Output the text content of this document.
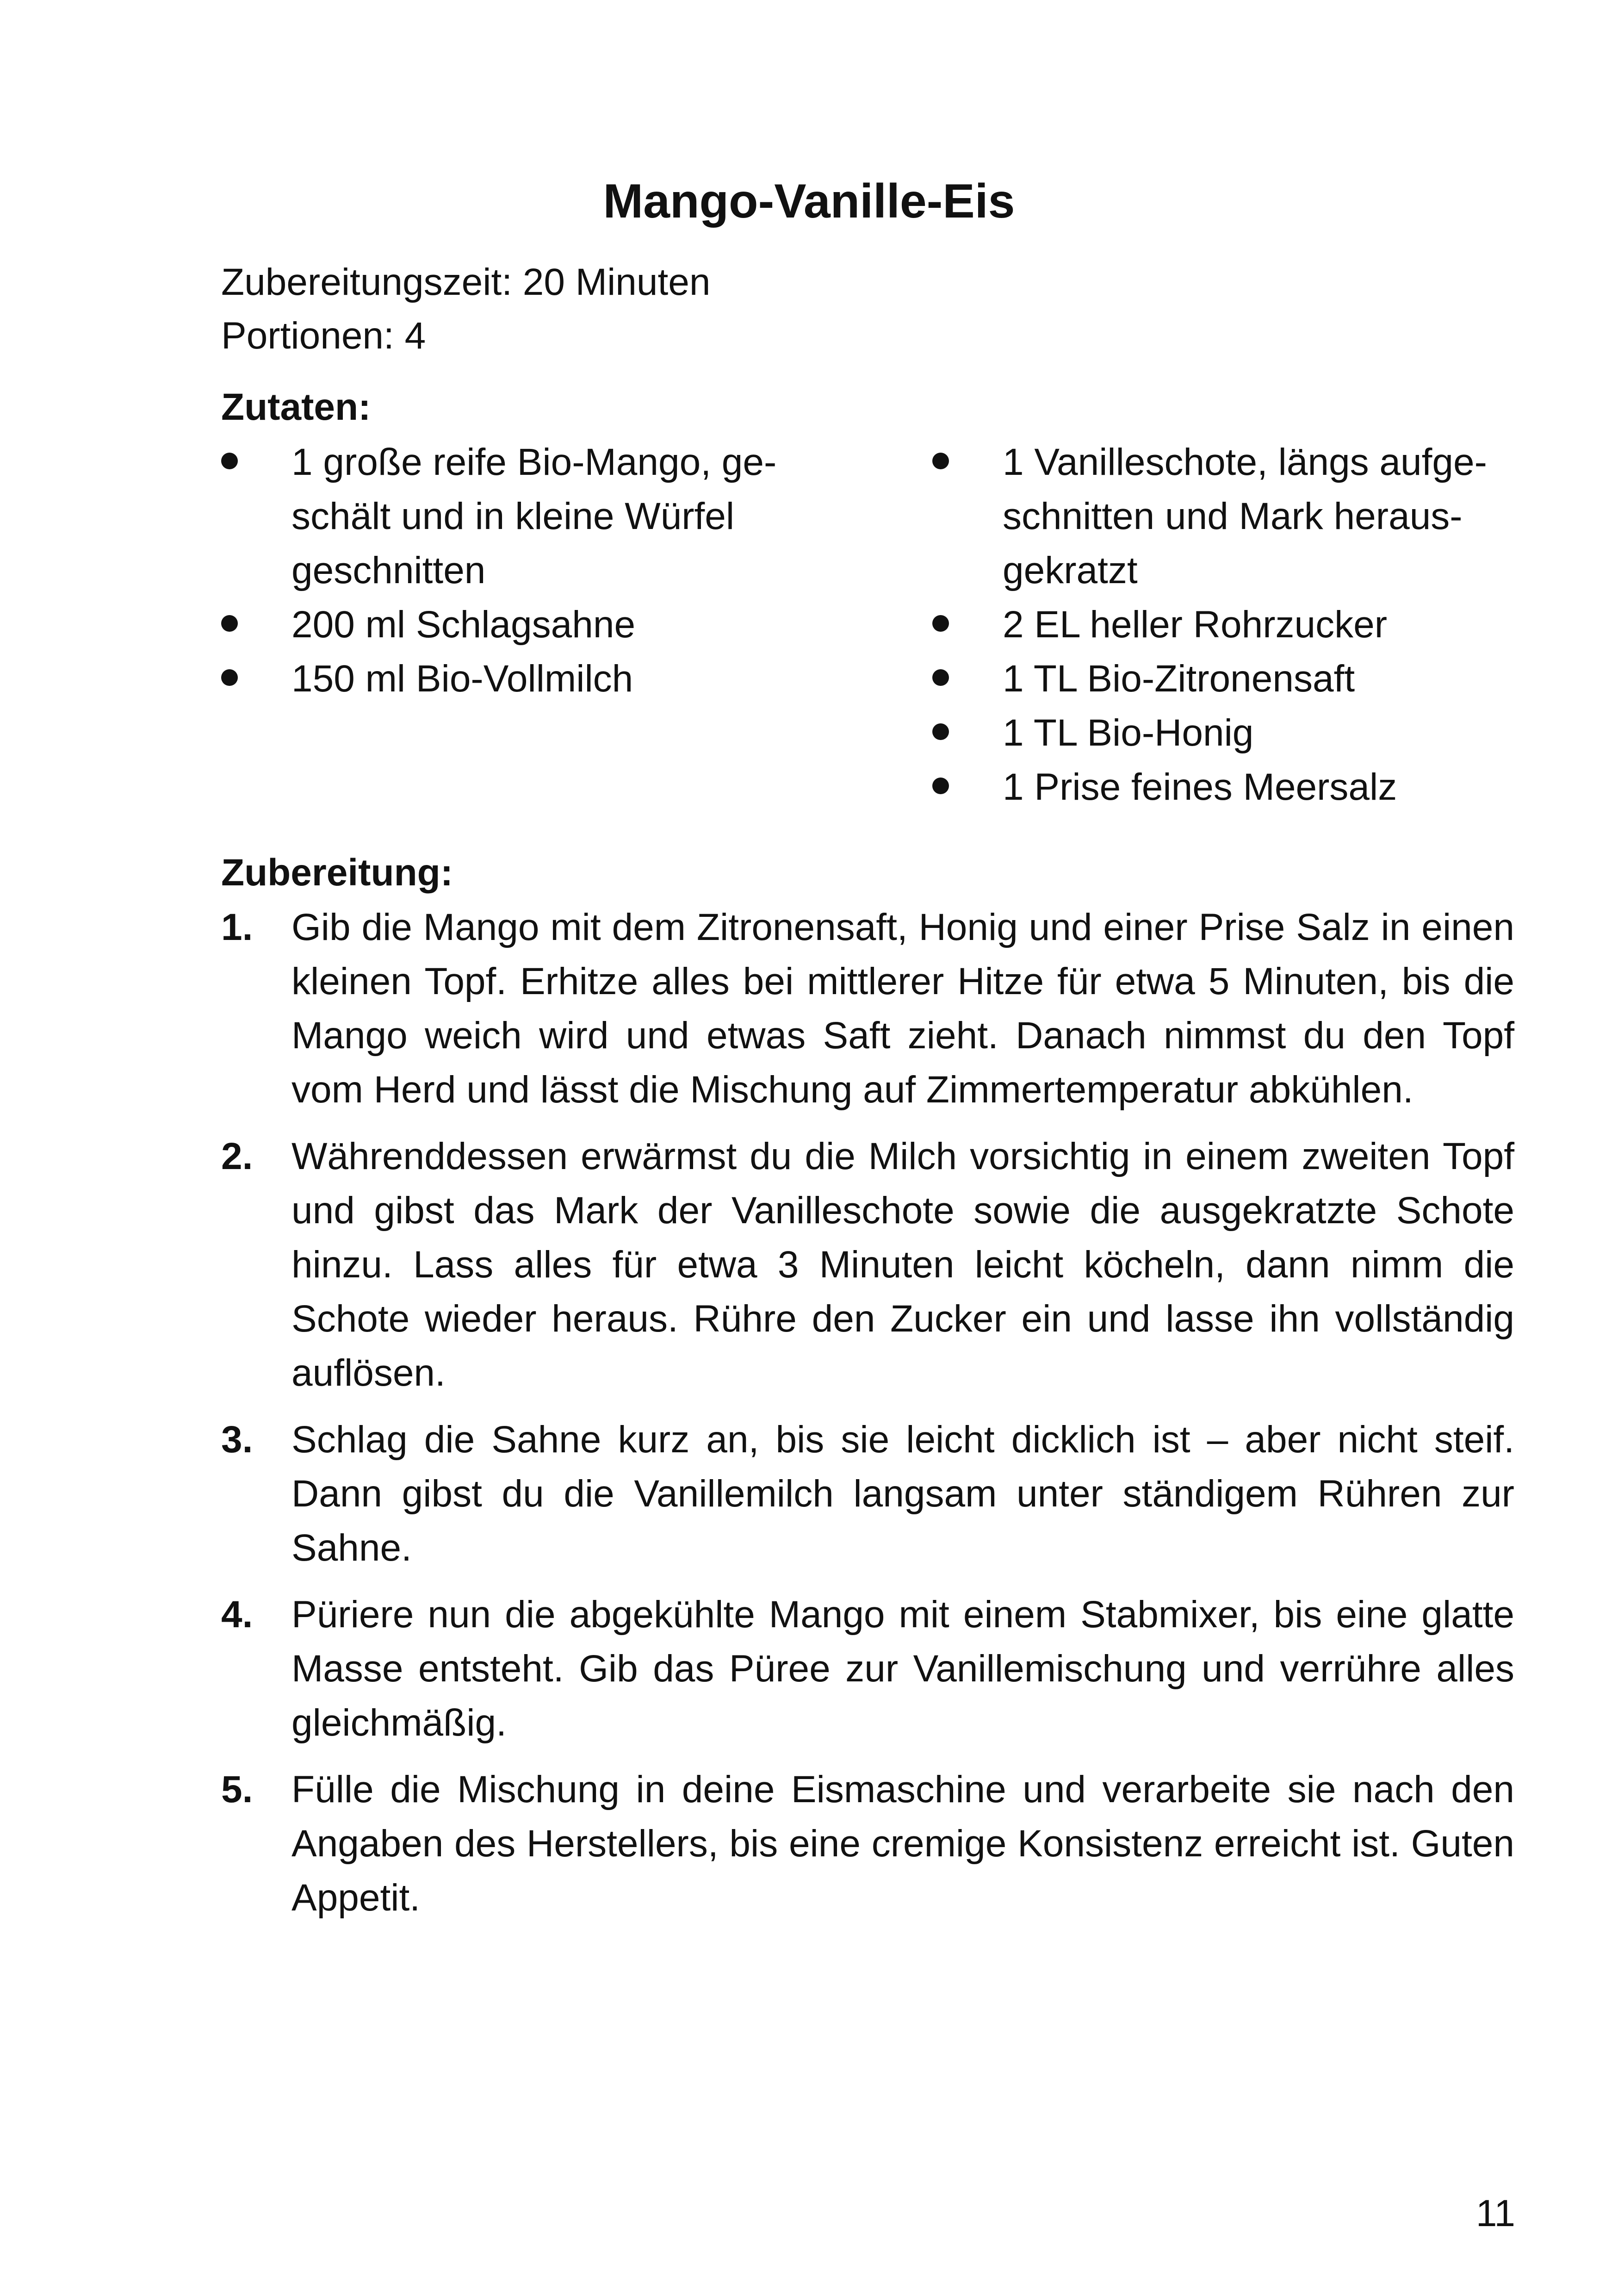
Mango-Vanille-Eis
Zubereitungszeit: 20 Minuten
Portionen: 4
Zutaten:
1 große reife Bio-Mango, ge-schält und in kleine Würfel geschnitten
200 ml Schlagsahne
150 ml Bio-Vollmilch
1 Vanilleschote, längs aufge-schnitten und Mark heraus-gekratzt
2 EL heller Rohrzucker
1 TL Bio-Zitronensaft
1 TL Bio-Honig
1 Prise feines Meersalz
Zubereitung:
1. Gib die Mango mit dem Zitronensaft, Honig und einer Prise Salz in einen kleinen Topf. Erhitze alles bei mittlerer Hitze für etwa 5 Minuten, bis die Mango weich wird und etwas Saft zieht. Danach nimmst du den Topf vom Herd und lässt die Mischung auf Zimmertemperatur abkühlen.
2. Währenddessen erwärmst du die Milch vorsichtig in einem zweiten Topf und gibst das Mark der Vanilleschote sowie die ausgekratzte Schote hinzu. Lass alles für etwa 3 Minuten leicht köcheln, dann nimm die Schote wieder heraus. Rühre den Zucker ein und lasse ihn vollständig auflösen.
3. Schlag die Sahne kurz an, bis sie leicht dicklich ist – aber nicht steif. Dann gibst du die Vanillemilch langsam unter ständigem Rühren zur Sahne.
4. Püriere nun die abgekühlte Mango mit einem Stabmixer, bis eine glatte Masse entsteht. Gib das Püree zur Vanillemischung und verrühre alles gleichmäßig.
5. Fülle die Mischung in deine Eismaschine und verarbeite sie nach den Angaben des Herstellers, bis eine cremige Konsistenz erreicht ist. Guten Appetit.
11
